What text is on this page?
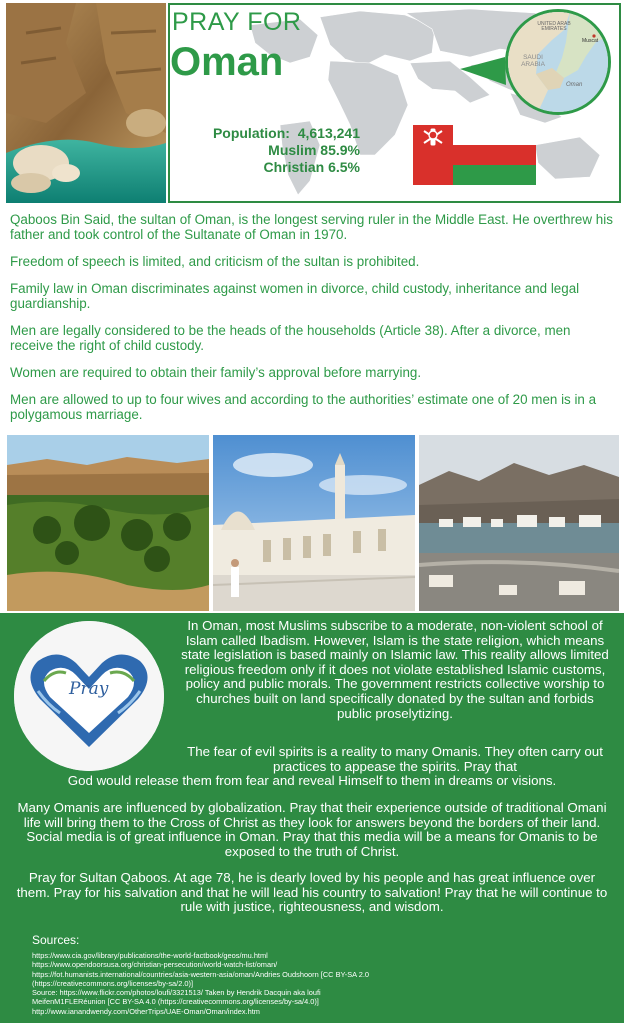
UNITED ARAB EMIRATES
SAUDI ARABIA
Oman
Muscat
PRAY FOR
Oman
Population:  4,613,241
Muslim 85.9%
Christian 6.5%

Qaboos Bin Said, the sultan of Oman, is the longest serving ruler in the Middle East. He overthrew his father and took control of the Sultanate of Oman in 1970.

Freedom of speech is limited, and criticism of the sultan is prohibited.

Family law in Oman discriminates against women in divorce, child custody, inheritance and legal guardianship.

Men are legally considered to be the heads of the households (Article 38). After a divorce, men receive the right of child custody.

Women are required to obtain their family’s approval before marrying.

Men are allowed to up to four wives and according to the authorities’ estimate one of 20 men is in a polygamous marriage.

Pray

In Oman, most Muslims subscribe to a moderate, non-violent school of Islam called Ibadism. However, Islam is the state religion, which means state legislation is based mainly on Islamic law. This reality allows limited religious freedom only if it does not violate established Islamic customs, policy and public morals. The government restricts collective worship to churches built on land specifically donated by the sultan and forbids public proselytizing.

The fear of evil spirits is a reality to many Omanis. They often carry out practices to appease the spirits. Pray that
God would release them from fear and reveal Himself to them in dreams or visions.

Many Omanis are influenced by globalization. Pray that their experience outside of traditional Omani life will bring them to the Cross of Christ as they look for answers beyond the borders of their land. Social media is of great influence in Oman. Pray that this media will be a means for Omanis to be exposed to the truth of Christ.

Pray for Sultan Qaboos. At age 78, he is dearly loved by his people and has great influence over them. Pray for his salvation and that he will lead his country to salvation! Pray that he will continue to rule with justice, righteousness, and wisdom.

Sources:
https://www.cia.gov/library/publications/the-world-factbook/geos/mu.html
https://www.opendoorsusa.org/christian-persecution/world-watch-list/oman/
https://fot.humanists.international/countries/asia-western-asia/oman/Andries Oudshoorn [CC BY-SA 2.0
(https://creativecommons.org/licenses/by-sa/2.0)]
Source: https://www.flickr.com/photos/loufi/3321513/ Taken by Hendrik Dacquin aka loufi
MeifenM1FLERéunion [CC BY-SA 4.0 (https://creativecommons.org/licenses/by-sa/4.0)]
http://www.ianandwendy.com/OtherTrips/UAE-Oman/Oman/index.htm
